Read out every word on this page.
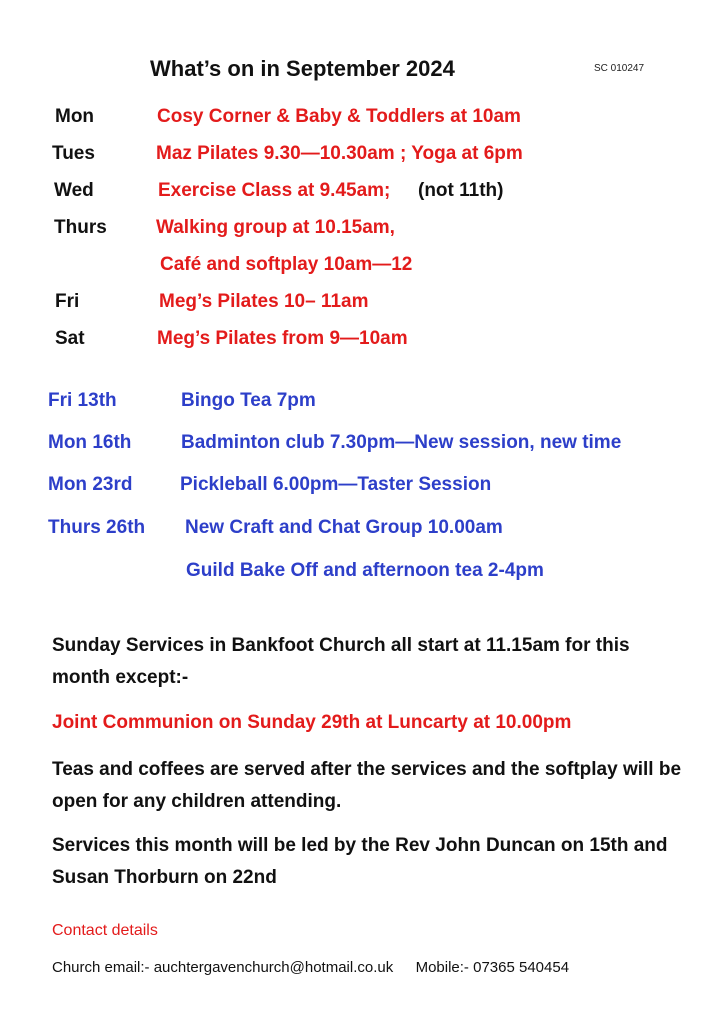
What’s on in September 2024	SC 010247
Mon	Cosy Corner & Baby & Toddlers at 10am
Tues	Maz Pilates 9.30—10.30am ; Yoga at 6pm
Wed	Exercise Class at 9.45am; (not 11th)
Thurs	Walking group at 10.15am,
Café and softplay 10am—12
Fri	Meg’s Pilates 10– 11am
Sat	Meg’s Pilates from 9—10am
Fri 13th	Bingo Tea 7pm
Mon 16th	Badminton club 7.30pm—New session, new time
Mon 23rd	Pickleball 6.00pm—Taster Session
Thurs 26th New Craft and Chat Group 10.00am
Guild Bake Off and afternoon tea 2-4pm
Sunday Services in Bankfoot Church all start at 11.15am for this month except:-
Joint Communion on Sunday 29th at Luncarty at 10.00pm
Teas and coffees are served after the services and the softplay will be open for any children attending.
Services this month will be led by the Rev John Duncan on 15th and Susan Thorburn on 22nd
Contact details
Church email:- auchtergavenchurch@hotmail.co.uk Mobile:- 07365 540454
